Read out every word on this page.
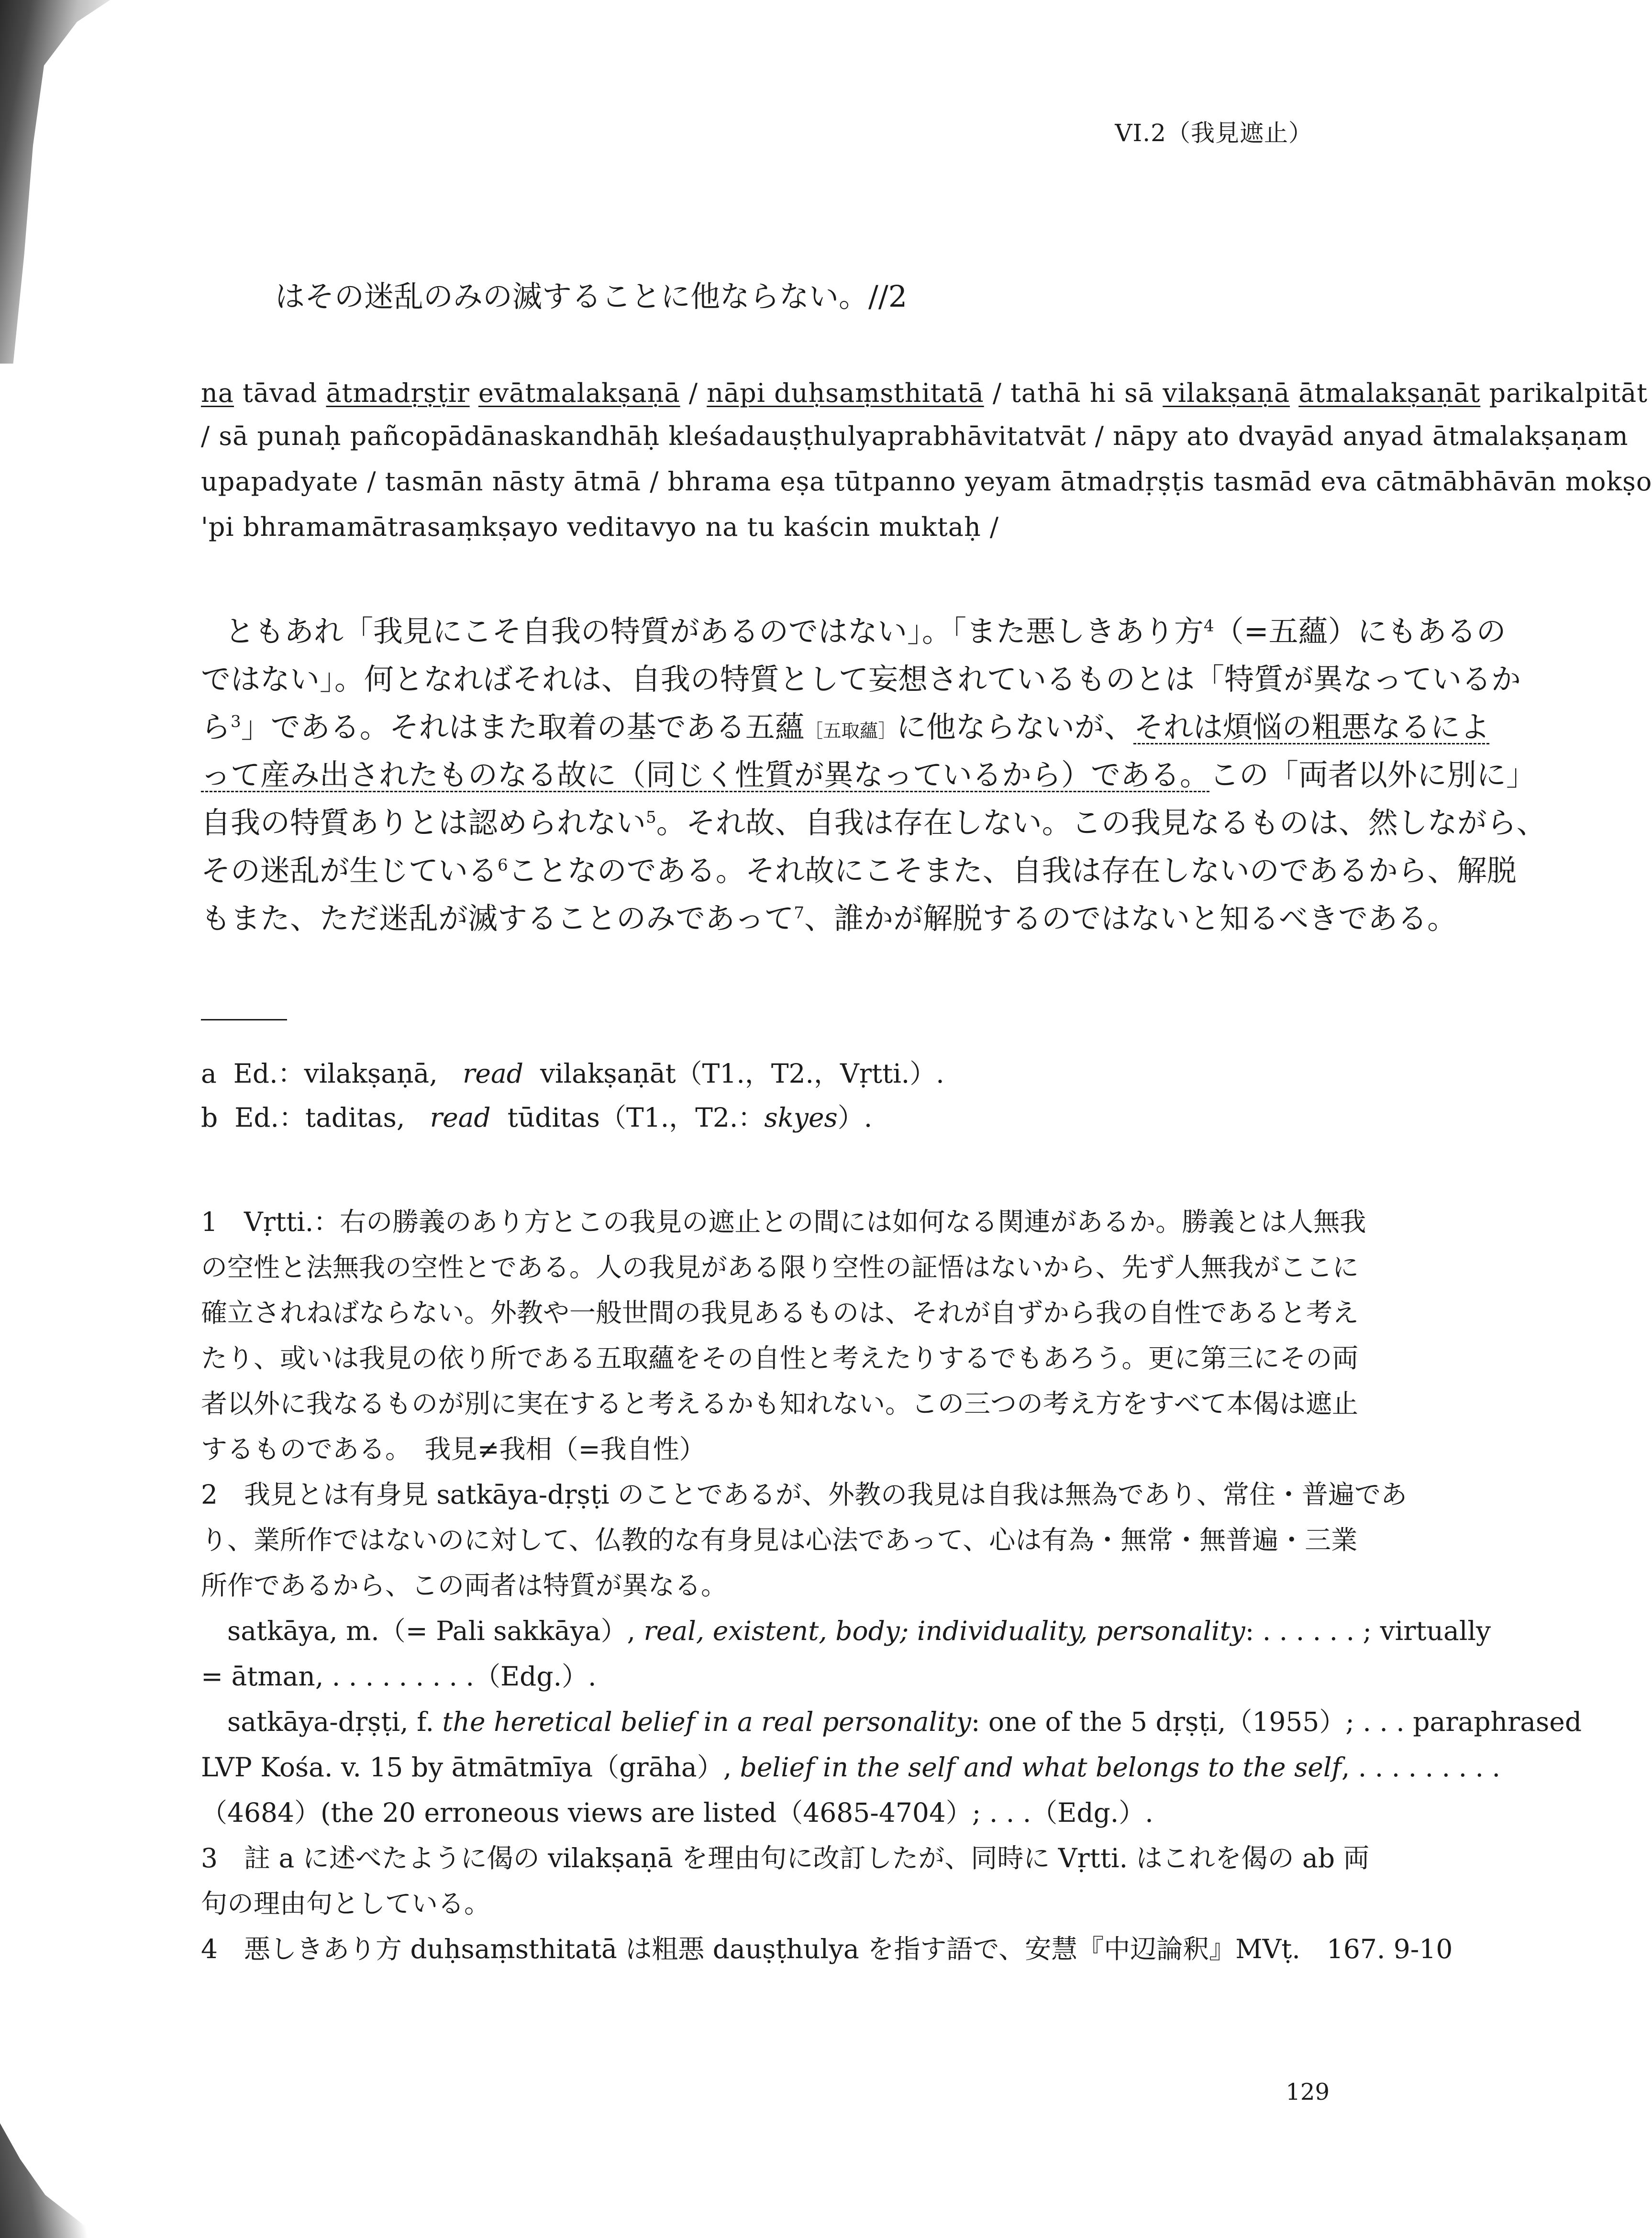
VI.2（我見遮止）
はその迷乱のみの滅することに他ならない。//2
na tāvad ātmadṛṣṭir evātmalakṣaṇā / nāpi duḥsaṃsthitatā / tathā hi sā vilakṣaṇā ātmalakṣaṇāt parikalpitāt
/ sā punaḥ pañcopādānaskandhāḥ kleśadauṣṭhulyaprabhāvitatvāt / nāpy ato dvayād anyad ātmalakṣaṇam
upapadyate / tasmān nāsty ātmā / bhrama eṣa tūtpanno yeyam ātmadṛṣṭis tasmād eva cātmābhāvān mokṣo
'pi bhramamātrasaṃkṣayo veditavyo na tu kaścin muktaḥ /
ともあれ「我見にこそ自我の特質があるのではない」。「また悪しきあり方$^4$（=五蘊）にもあるの
ではない」。何となればそれは、自我の特質として妄想されているものとは「特質が異なっているか
ら$^3$」である。それはまた取着の基である五蘊［五取蘊］に他ならないが、それは煩悩の粗悪なるによ
って産み出されたものなる故に（同じく性質が異なっているから）である。この「両者以外に別に」
自我の特質ありとは認められない$^5$。それ故、自我は存在しない。この我見なるものは、然しながら、
その迷乱が生じている$^6$ことなのである。それ故にこそまた、自我は存在しないのであるから、解脱
もまた、ただ迷乱が滅することのみであって$^7$、誰かが解脱するのではないと知るべきである。
a Ed.：vilakṣaṇā, read vilakṣaṇāt（T1.，T2.，Vṛtti.）.
b Ed.：taditas, read tūditas（T1.，T2.：skyes）.
1　Vṛtti.：右の勝義のあり方とこの我見の遮止との間には如何なる関連があるか。勝義とは人無我
の空性と法無我の空性とである。人の我見がある限り空性の証悟はないから、先ず人無我がここに
確立されねばならない。外教や一般世間の我見あるものは、それが自ずから我の自性であると考え
たり、或いは我見の依り所である五取蘊をその自性と考えたりするでもあろう。更に第三にその両
者以外に我なるものが別に実在すると考えるかも知れない。この三つの考え方をすべて本偈は遮止
するものである。　我見≠我相（=我自性）
2　我見とは有身見 satkāya-dṛṣṭi のことであるが、外教の我見は自我は無為であり、常住・普遍であ
り、業所作ではないのに対して、仏教的な有身見は心法であって、心は有為・無常・無普遍・三業
所作であるから、この両者は特質が異なる。
satkāya, m.（= Pali sakkāya）, real, existent, body; individuality, personality: . . . . . . ; virtually
= ātman, . . . . . . . . .（Edg.）.
satkāya-dṛṣṭi, f. the heretical belief in a real personality: one of the 5 dṛṣṭi,（1955）; . . . paraphrased
LVP Kośa. v. 15 by ātmātmīya（grāha）, belief in the self and what belongs to the self, . . . . . . . . .
（4684）(the 20 erroneous views are listed（4685-4704）; . . .（Edg.）.
3　註 a に述べたように偈の vilakṣaṇā を理由句に改訂したが、同時に Vṛtti. はこれを偈の ab 両
句の理由句としている。
4　悪しきあり方 duḥsaṃsthitatā は粗悪 dauṣṭhulya を指す語で、安慧『中辺論釈』MVṭ.　167. 9-10
129
